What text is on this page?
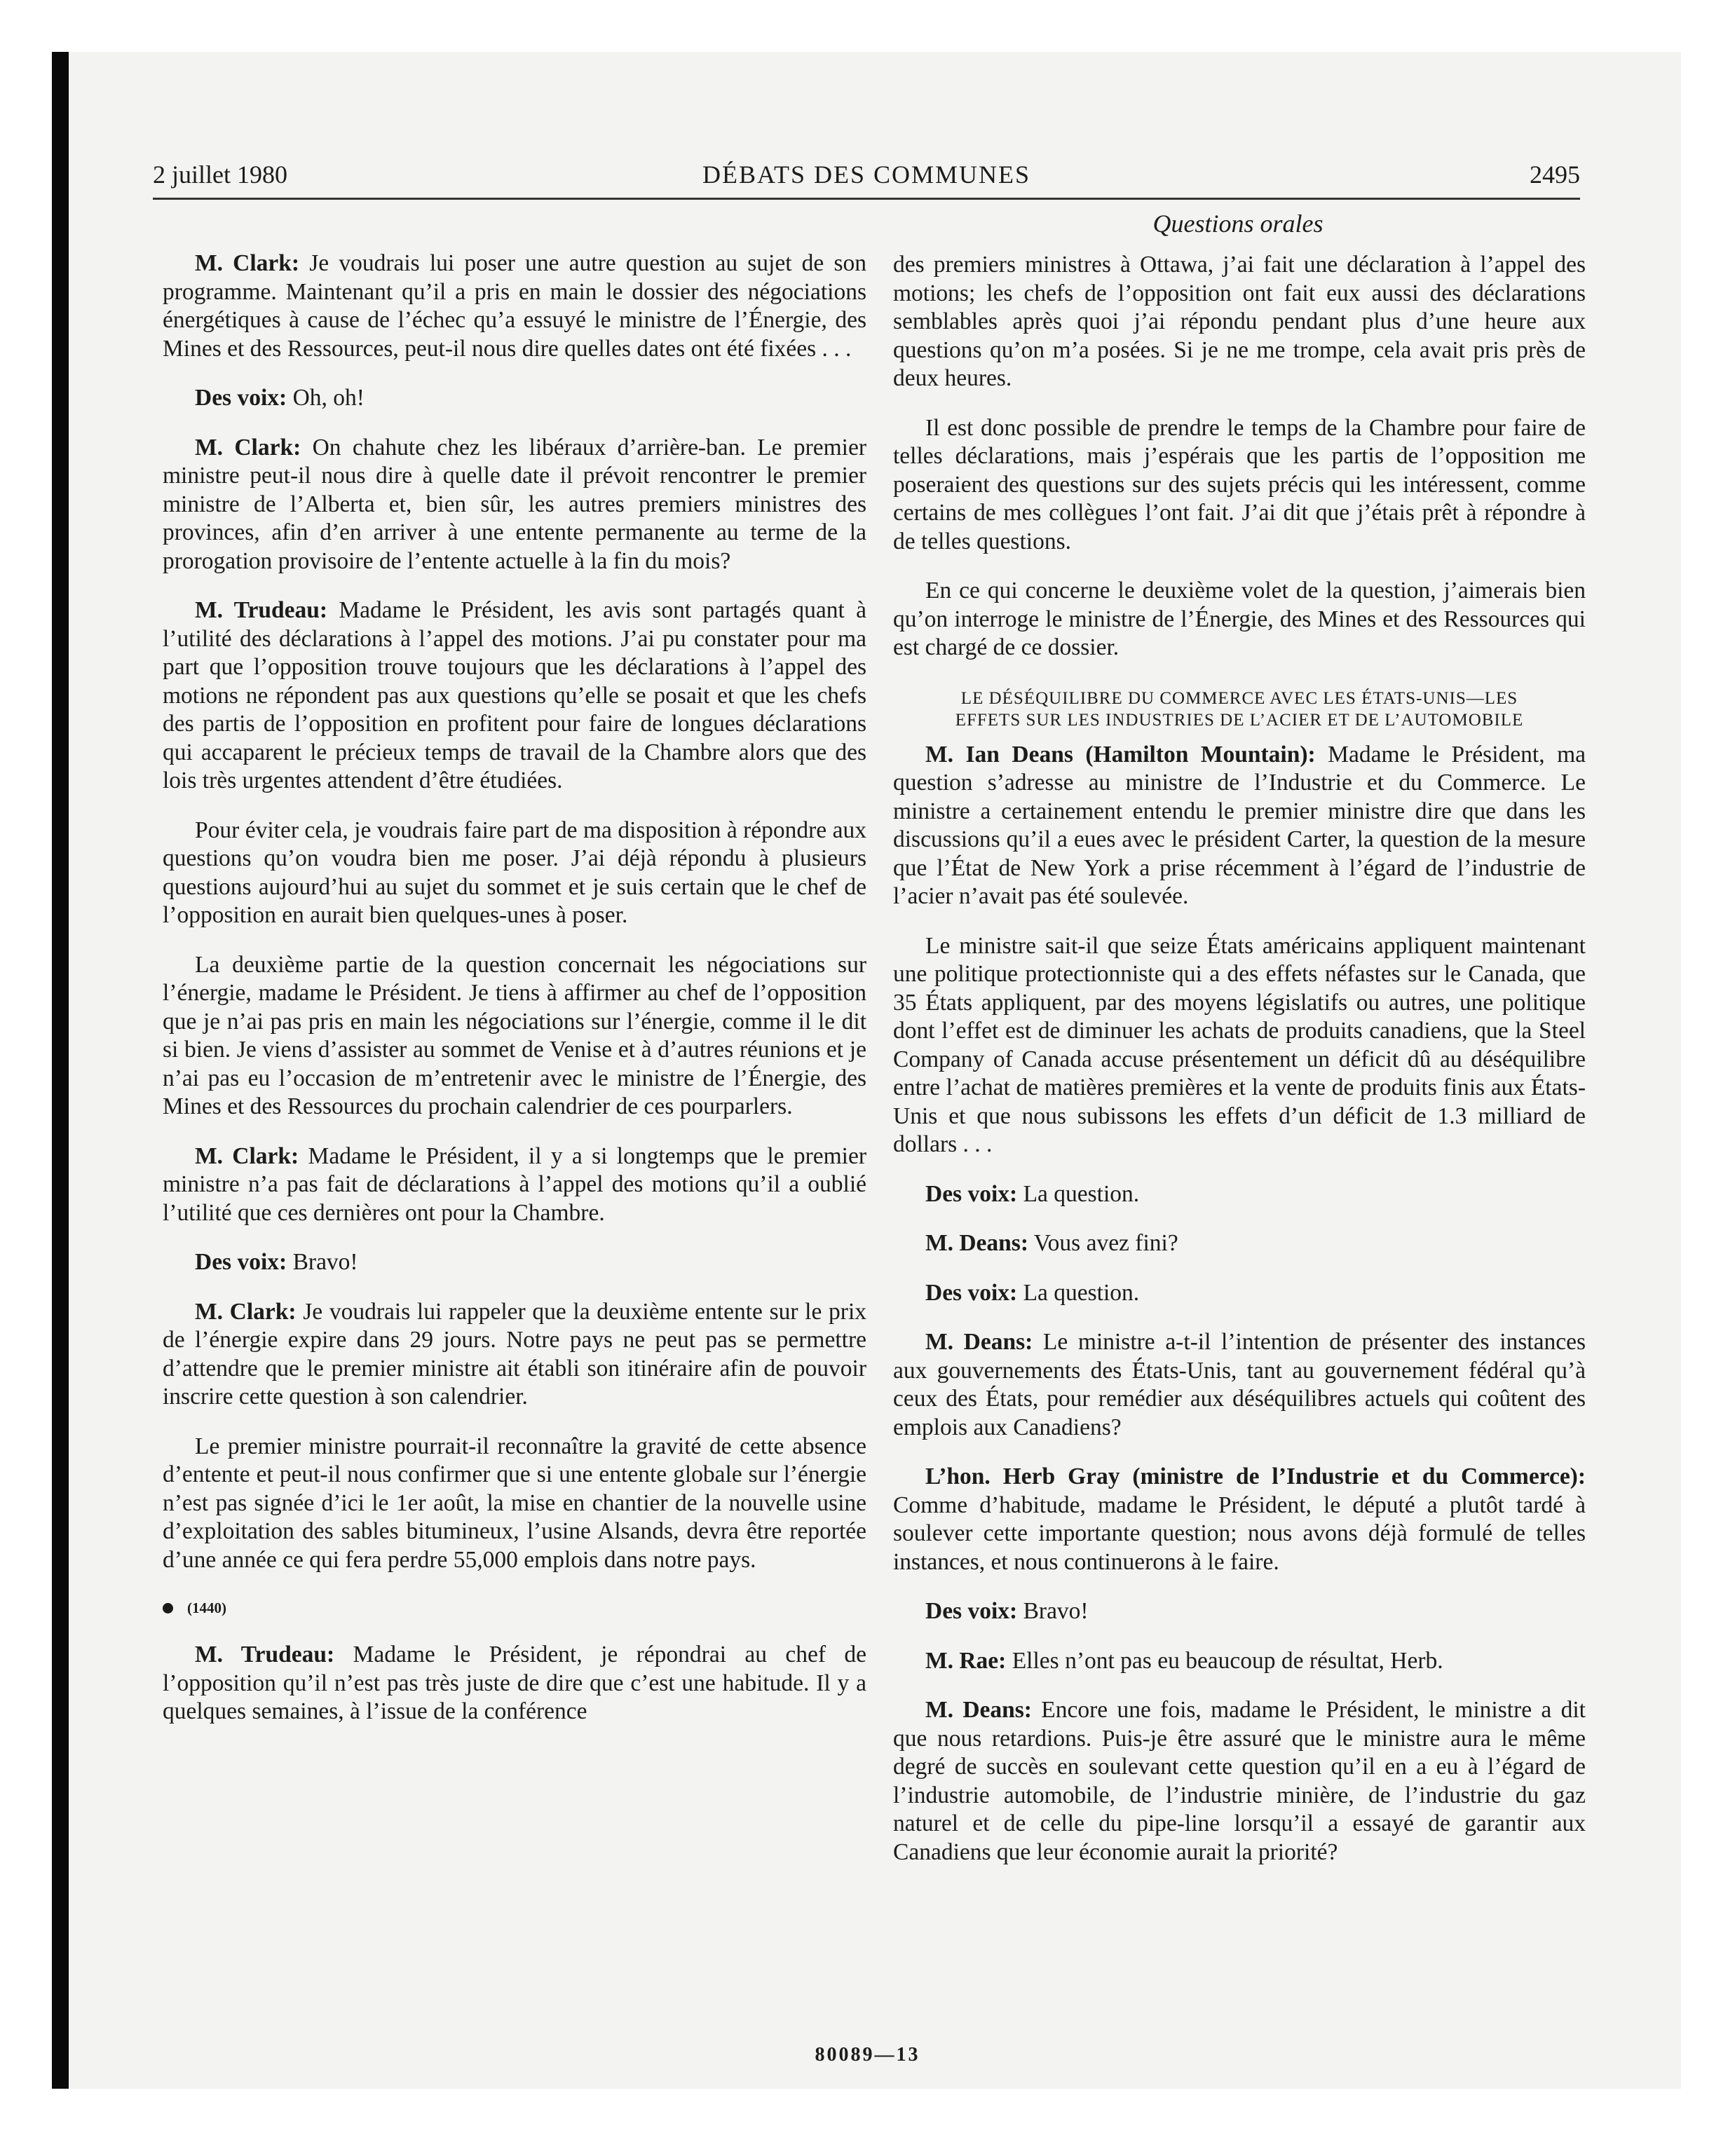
2 juillet 1980	DÉBATS DES COMMUNES	2495
Questions orales

M. Clark: Je voudrais lui poser une autre question au sujet de son programme. Maintenant qu’il a pris en main le dossier des négociations énergétiques à cause de l’échec qu’a essuyé le ministre de l’Énergie, des Mines et des Ressources, peut-il nous dire quelles dates ont été fixées . . .

Des voix: Oh, oh!

M. Clark: On chahute chez les libéraux d’arrière-ban. Le premier ministre peut-il nous dire à quelle date il prévoit rencontrer le premier ministre de l’Alberta et, bien sûr, les autres premiers ministres des provinces, afin d’en arriver à une entente permanente au terme de la prorogation provisoire de l’entente actuelle à la fin du mois?

M. Trudeau: Madame le Président, les avis sont partagés quant à l’utilité des déclarations à l’appel des motions. J’ai pu constater pour ma part que l’opposition trouve toujours que les déclarations à l’appel des motions ne répondent pas aux questions qu’elle se posait et que les chefs des partis de l’opposition en profitent pour faire de longues déclarations qui accaparent le précieux temps de travail de la Chambre alors que des lois très urgentes attendent d’être étudiées.

Pour éviter cela, je voudrais faire part de ma disposition à répondre aux questions qu’on voudra bien me poser. J’ai déjà répondu à plusieurs questions aujourd’hui au sujet du sommet et je suis certain que le chef de l’opposition en aurait bien quelques-unes à poser.

La deuxième partie de la question concernait les négociations sur l’énergie, madame le Président. Je tiens à affirmer au chef de l’opposition que je n’ai pas pris en main les négociations sur l’énergie, comme il le dit si bien. Je viens d’assister au sommet de Venise et à d’autres réunions et je n’ai pas eu l’occasion de m’entretenir avec le ministre de l’Énergie, des Mines et des Ressources du prochain calendrier de ces pourparlers.

M. Clark: Madame le Président, il y a si longtemps que le premier ministre n’a pas fait de déclarations à l’appel des motions qu’il a oublié l’utilité que ces dernières ont pour la Chambre.

Des voix: Bravo!

M. Clark: Je voudrais lui rappeler que la deuxième entente sur le prix de l’énergie expire dans 29 jours. Notre pays ne peut pas se permettre d’attendre que le premier ministre ait établi son itinéraire afin de pouvoir inscrire cette question à son calendrier.

Le premier ministre pourrait-il reconnaître la gravité de cette absence d’entente et peut-il nous confirmer que si une entente globale sur l’énergie n’est pas signée d’ici le 1er août, la mise en chantier de la nouvelle usine d’exploitation des sables bitumineux, l’usine Alsands, devra être reportée d’une année ce qui fera perdre 55,000 emplois dans notre pays.

(1440)

M. Trudeau: Madame le Président, je répondrai au chef de l’opposition qu’il n’est pas très juste de dire que c’est une habitude. Il y a quelques semaines, à l’issue de la conférence

des premiers ministres à Ottawa, j’ai fait une déclaration à l’appel des motions; les chefs de l’opposition ont fait eux aussi des déclarations semblables après quoi j’ai répondu pendant plus d’une heure aux questions qu’on m’a posées. Si je ne me trompe, cela avait pris près de deux heures.

Il est donc possible de prendre le temps de la Chambre pour faire de telles déclarations, mais j’espérais que les partis de l’opposition me poseraient des questions sur des sujets précis qui les intéressent, comme certains de mes collègues l’ont fait. J’ai dit que j’étais prêt à répondre à de telles questions.

En ce qui concerne le deuxième volet de la question, j’aimerais bien qu’on interroge le ministre de l’Énergie, des Mines et des Ressources qui est chargé de ce dossier.

LE DÉSÉQUILIBRE DU COMMERCE AVEC LES ÉTATS-UNIS—LES
EFFETS SUR LES INDUSTRIES DE L’ACIER ET DE L’AUTOMOBILE

M. Ian Deans (Hamilton Mountain): Madame le Président, ma question s’adresse au ministre de l’Industrie et du Commerce. Le ministre a certainement entendu le premier ministre dire que dans les discussions qu’il a eues avec le président Carter, la question de la mesure que l’État de New York a prise récemment à l’égard de l’industrie de l’acier n’avait pas été soulevée.

Le ministre sait-il que seize États américains appliquent maintenant une politique protectionniste qui a des effets néfastes sur le Canada, que 35 États appliquent, par des moyens législatifs ou autres, une politique dont l’effet est de diminuer les achats de produits canadiens, que la Steel Company of Canada accuse présentement un déficit dû au déséquilibre entre l’achat de matières premières et la vente de produits finis aux États-Unis et que nous subissons les effets d’un déficit de 1.3 milliard de dollars . . .

Des voix: La question.

M. Deans: Vous avez fini?

Des voix: La question.

M. Deans: Le ministre a-t-il l’intention de présenter des instances aux gouvernements des États-Unis, tant au gouvernement fédéral qu’à ceux des États, pour remédier aux déséquilibres actuels qui coûtent des emplois aux Canadiens?

L’hon. Herb Gray (ministre de l’Industrie et du Commerce): Comme d’habitude, madame le Président, le député a plutôt tardé à soulever cette importante question; nous avons déjà formulé de telles instances, et nous continuerons à le faire.

Des voix: Bravo!

M. Rae: Elles n’ont pas eu beaucoup de résultat, Herb.

M. Deans: Encore une fois, madame le Président, le ministre a dit que nous retardions. Puis-je être assuré que le ministre aura le même degré de succès en soulevant cette question qu’il en a eu à l’égard de l’industrie automobile, de l’industrie minière, de l’industrie du gaz naturel et de celle du pipe-line lorsqu’il a essayé de garantir aux Canadiens que leur économie aurait la priorité?

80089—13
